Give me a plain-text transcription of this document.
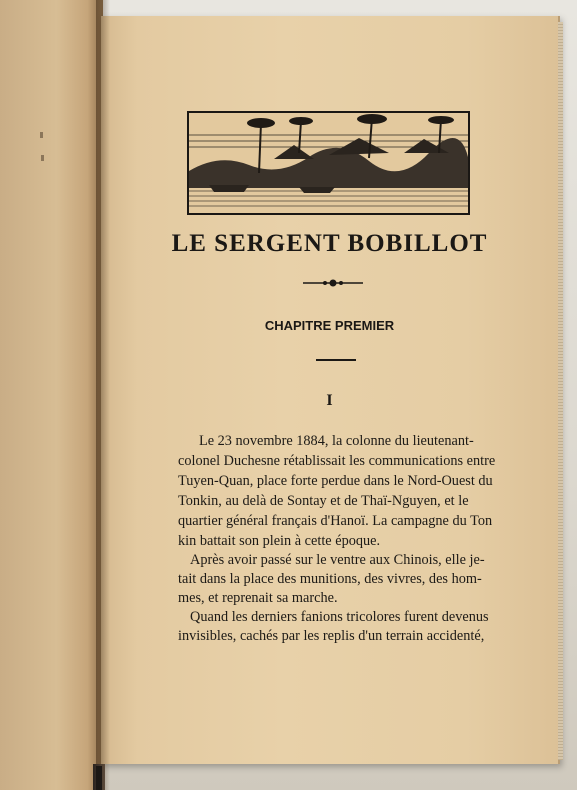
LE SERGENT BOBILLOT
CHAPITRE PREMIER
I
Le 23 novembre 1884, la colonne du lieutenant-
colonel Duchesne rétablissait les communications entre
Tuyen-Quan, place forte perdue dans le Nord-Ouest du
Tonkin, au delà de Sontay et de Thaï-Nguyen, et le
quartier général français d'Hanoï. La campagne du Ton
kin battait son plein à cette époque.
Après avoir passé sur le ventre aux Chinois, elle je-
tait dans la place des munitions, des vivres, des hom-
mes, et reprenait sa marche.
Quand les derniers fanions tricolores furent devenus
invisibles, cachés par les replis d'un terrain accidenté,
